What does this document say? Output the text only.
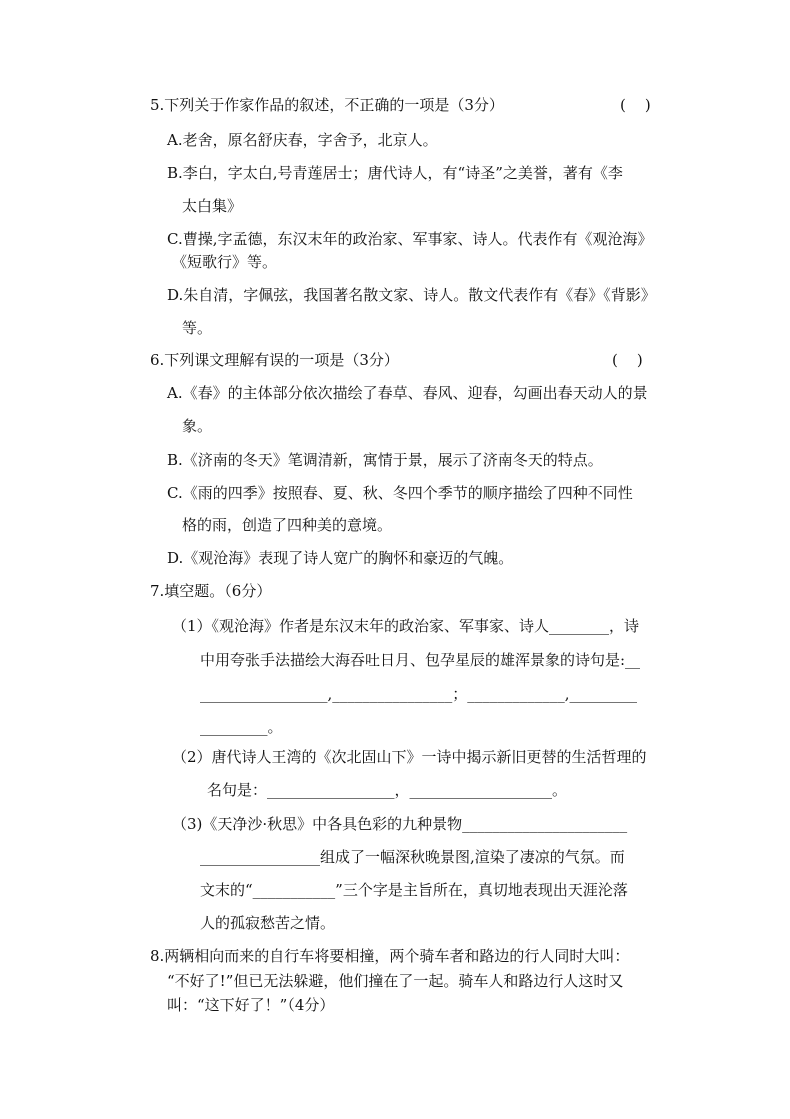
5.下列关于作家作品的叙述，不正确的一项是（3分）	(    )
A.老舍，原名舒庆春，字舍予，北京人。
B.李白，字太白,号青莲居士；唐代诗人，有“诗圣”之美誉，著有《李
太白集》
C.曹操,字孟德，东汉末年的政治家、军事家、诗人。代表作有《观沧海》
《短歌行》等。
D.朱自清，字佩弦，我国著名散文家、诗人。散文代表作有《春》《背影》
等。
6.下列课文理解有误的一项是（3分）	(    )
A.《春》的主体部分依次描绘了春草、春风、迎春，勾画出春天动人的景
象。
B.《济南的冬天》笔调清新，寓情于景，展示了济南冬天的特点。
C.《雨的四季》按照春、夏、秋、冬四个季节的顺序描绘了四种不同性
格的雨，创造了四种美的意境。
D.《观沧海》表现了诗人宽广的胸怀和豪迈的气魄。
7.填空题。（6分）
（1）《观沧海》作者是东汉末年的政治家、军事家、诗人________，诗
中用夸张手法描绘大海吞吐日月、包孕星辰的雄浑景象的诗句是:__
_________________,________________；_____________,_________
_________。
（2）唐代诗人王湾的《次北固山下》一诗中揭示新旧更替的生活哲理的
名句是：_________________，___________________。
（3)《天净沙·秋思》中各具色彩的九种景物______________________
________________组成了一幅深秋晚景图,渲染了凄凉的气氛。而
文末的“___________”三个字是主旨所在，真切地表现出天涯沦落
人的孤寂愁苦之情。
8.两辆相向而来的自行车将要相撞，两个骑车者和路边的行人同时大叫：
“不好了!”但已无法躲避，他们撞在了一起。骑车人和路边行人这时又
叫：“这下好了！”（4分）
